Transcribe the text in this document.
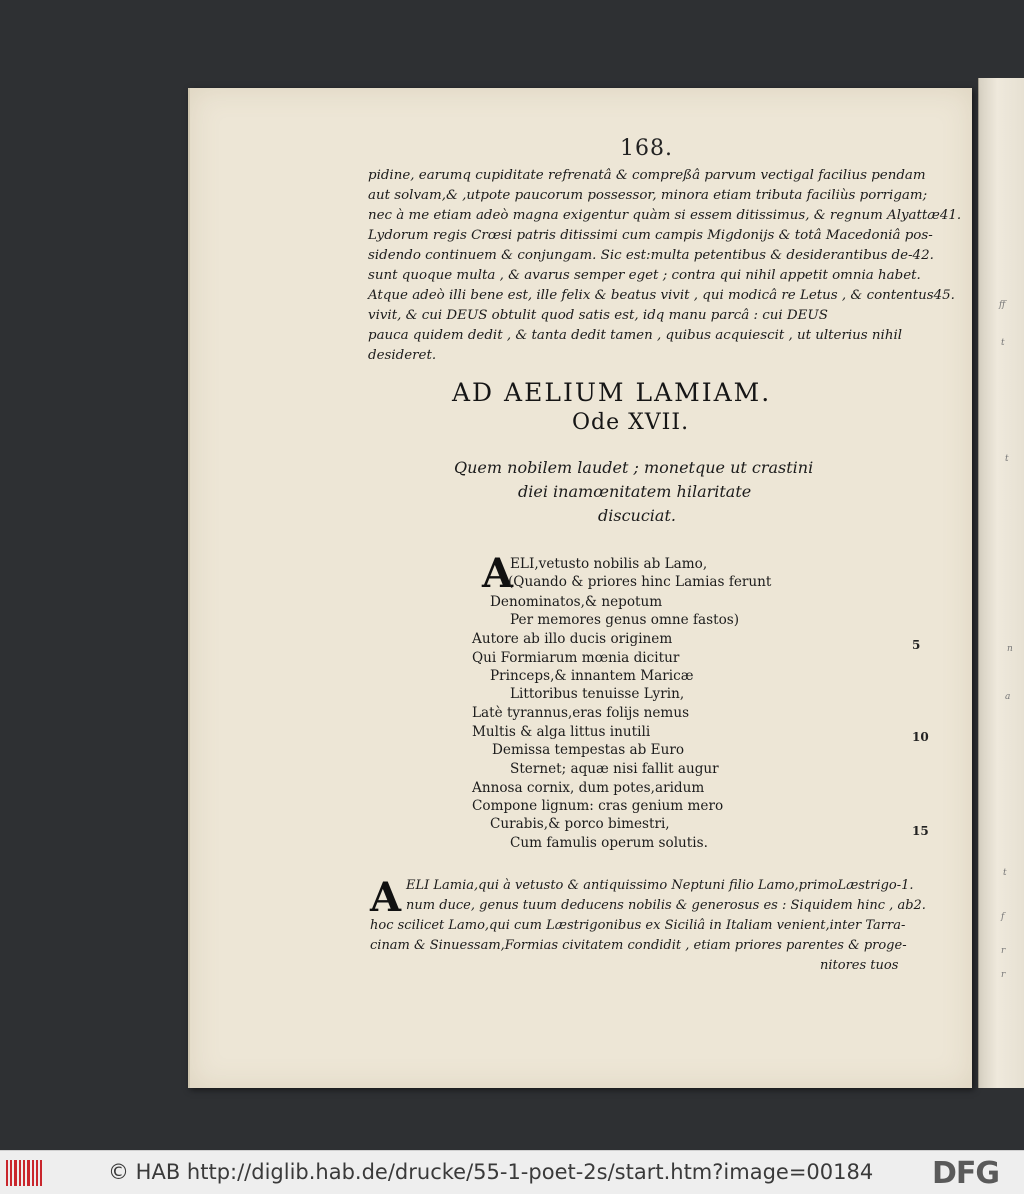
ff
t
t
n
a
t
f
r
r
168.
pidine, earumq cupiditate refrenatâ & compreßâ parvum vectigal facilius pendam
aut solvam,& ,utpote paucorum possessor, minora etiam tributa faciliùs porrigam;
nec à me etiam adeò magna exigentur quàm si essem ditissimus, & regnum Alyattæ41.
Lydorum regis Crœsi patris ditissimi cum campis Migdonijs & totâ Macedoniâ pos-
sidendo continuem & conjungam. Sic est:multa petentibus & desiderantibus de-42.
sunt quoque multa , & avarus semper eget ; contra qui nihil appetit omnia habet.
Atque adeò illi bene est, ille felix & beatus vivit , qui modicâ re Letus , & contentus45.
vivit, & cui DEUS obtulit quod satis est, idq manu parcâ : cui DEUS
pauca quidem dedit , & tanta dedit tamen , quibus acquiescit , ut ulterius nihil
desideret.
AD AELIUM LAMIAM.
Ode XVII.
Quem nobilem laudet ; monetque ut crastini
diei inamœnitatem hilaritate
discuciat.
A
ELI,vetusto nobilis ab Lamo,
(Quando & priores hinc Lamias ferunt
Denominatos,& nepotum
Per memores genus omne fastos)
Autore ab illo ducis originem
Qui Formiarum mœnia dicitur
Princeps,& innantem Maricæ
Littoribus tenuisse Lyrin,
Latè tyrannus,eras folijs nemus
Multis & alga littus inutili
Demissa tempestas ab Euro
Sternet; aquæ nisi fallit augur
Annosa cornix, dum potes,aridum
Compone lignum: cras genium mero
Curabis,& porco bimestri,
Cum famulis operum solutis.
5
10
15
A ELI Lamia,qui à vetusto & antiquissimo Neptuni filio Lamo,primoLæstrigo-1.
num duce, genus tuum deducens nobilis & generosus es : Siquidem hinc , ab2.
hoc scilicet Lamo,qui cum Læstrigonibus ex Siciliâ in Italiam venient,inter Tarra-
cinam & Sinuessam,Formias civitatem condidit , etiam priores parentes & proge-
nitores tuos
© HAB http://diglib.hab.de/drucke/55-1-poet-2s/start.htm?image=00184 DFG
